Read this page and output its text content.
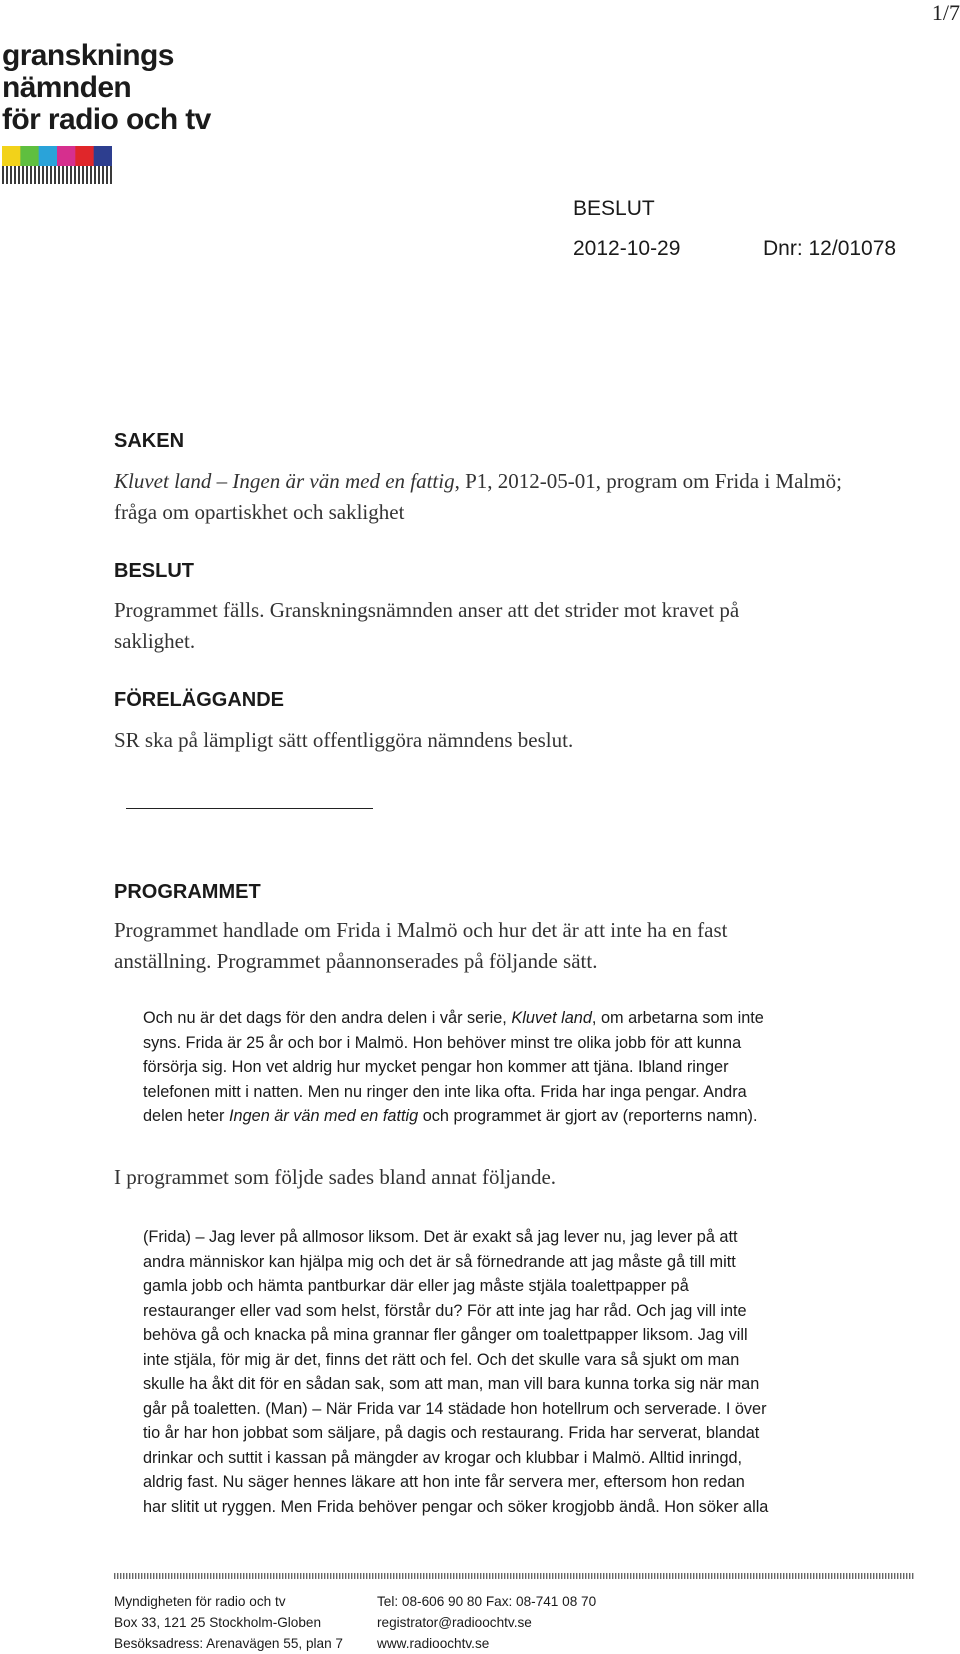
1/7
gransknings
nämnden
för radio och tv
BESLUT
2012-10-29	Dnr: 12/01078
SAKEN
Kluvet land – Ingen är vän med en fattig, P1, 2012-05-01, program om Frida i Malmö;
fråga om opartiskhet och saklighet
BESLUT
Programmet fälls. Granskningsnämnden anser att det strider mot kravet på
saklighet.
FÖRELÄGGANDE
SR ska på lämpligt sätt offentliggöra nämndens beslut.
PROGRAMMET
Programmet handlade om Frida i Malmö och hur det är att inte ha en fast
anställning. Programmet påannonserades på följande sätt.
Och nu är det dags för den andra delen i vår serie, Kluvet land, om arbetarna som inte
syns. Frida är 25 år och bor i Malmö. Hon behöver minst tre olika jobb för att kunna
försörja sig. Hon vet aldrig hur mycket pengar hon kommer att tjäna. Ibland ringer
telefonen mitt i natten. Men nu ringer den inte lika ofta. Frida har inga pengar. Andra
delen heter Ingen är vän med en fattig och programmet är gjort av (reporterns namn).
I programmet som följde sades bland annat följande.
(Frida) – Jag lever på allmosor liksom. Det är exakt så jag lever nu, jag lever på att
andra människor kan hjälpa mig och det är så förnedrande att jag måste gå till mitt
gamla jobb och hämta pantburkar där eller jag måste stjäla toalettpapper på
restauranger eller vad som helst, förstår du? För att inte jag har råd. Och jag vill inte
behöva gå och knacka på mina grannar fler gånger om toalettpapper liksom. Jag vill
inte stjäla, för mig är det, finns det rätt och fel. Och det skulle vara så sjukt om man
skulle ha åkt dit för en sådan sak, som att man, man vill bara kunna torka sig när man
går på toaletten. (Man) – När Frida var 14 städade hon hotellrum och serverade. I över
tio år har hon jobbat som säljare, på dagis och restaurang. Frida har serverat, blandat
drinkar och suttit i kassan på mängder av krogar och klubbar i Malmö. Alltid inringd,
aldrig fast. Nu säger hennes läkare att hon inte får servera mer, eftersom hon redan
har slitit ut ryggen. Men Frida behöver pengar och söker krogjobb ändå. Hon söker alla
Myndigheten för radio och tv
Box 33, 121 25 Stockholm-Globen
Besöksadress: Arenavägen 55, plan 7
Tel: 08-606 90 80 Fax: 08-741 08 70
registrator@radioochtv.se
www.radioochtv.se
